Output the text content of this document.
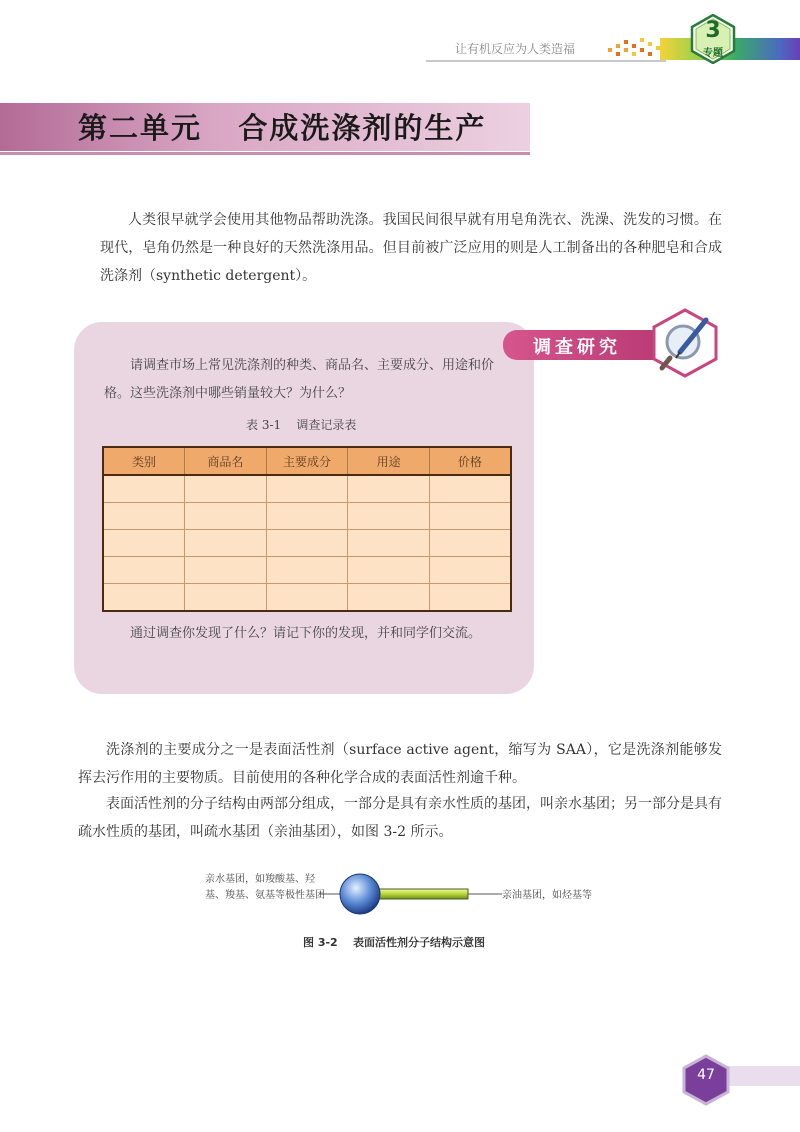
让有机反应为人类造福
3
专题
第二单元 合成洗涤剂的生产
人类很早就学会使用其他物品帮助洗涤。我国民间很早就有用皂角洗衣、洗澡、洗发的习惯。在现代，皂角仍然是一种良好的天然洗涤用品。但目前被广泛应用的则是人工制备出的各种肥皂和合成洗涤剂（synthetic detergent）。
调查研究
请调查市场上常见洗涤剂的种类、商品名、主要成分、用途和价格。这些洗涤剂中哪些销量较大？为什么？
表 3-1    调查记录表
类别	商品名	主要成分	用途	价格

通过调查你发现了什么？请记下你的发现，并和同学们交流。
洗涤剂的主要成分之一是表面活性剂（surface active agent，缩写为 SAA），它是洗涤剂能够发挥去污作用的主要物质。目前使用的各种化学合成的表面活性剂逾千种。
表面活性剂的分子结构由两部分组成，一部分是具有亲水性质的基团，叫亲水基团；另一部分是具有疏水性质的基团，叫疏水基团（亲油基团），如图 3-2 所示。
亲水基团，如羧酸基、羟基、羧基、氨基等极性基团	亲油基团，如烃基等
图 3-2    表面活性剂分子结构示意图
47
